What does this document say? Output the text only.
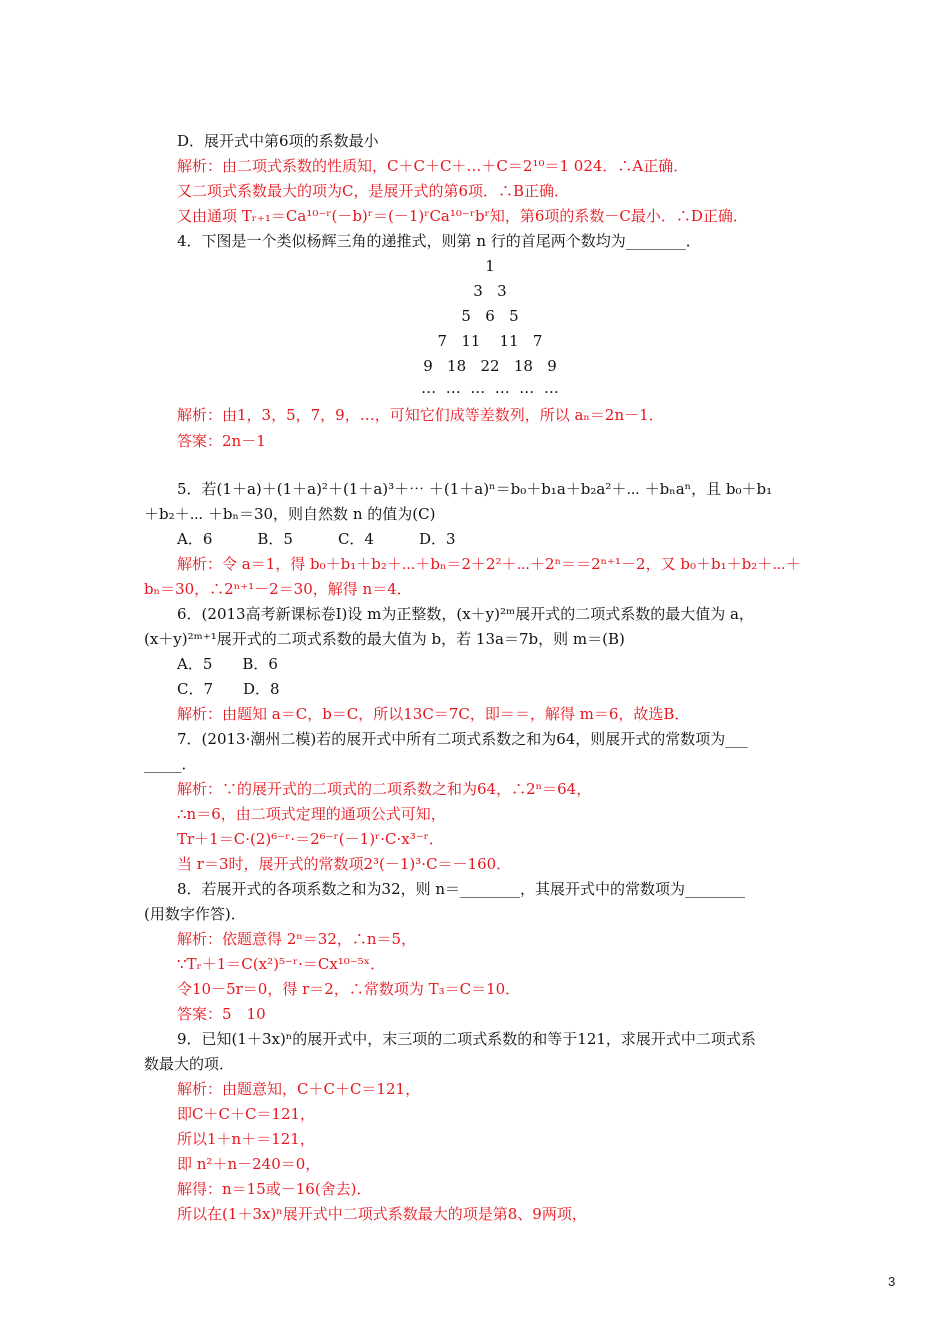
D．展开式中第6项的系数最小
解析：由二项式系数的性质知，C＋C＋C＋…＋C＝2¹⁰＝1 024．∴A正确．
又二项式系数最大的项为C，是展开式的第6项．∴B正确．
又由通项 Tᵣ₊₁＝Ca¹⁰⁻ʳ(－b)ʳ＝(－1)ʳCa¹⁰⁻ʳbʳ知，第6项的系数－C最小．∴D正确．
4．下图是一个类似杨辉三角的递推式，则第 n 行的首尾两个数均为________．
1
3   3
5   6   5
7   11    11   7
9   18   22   18   9
…  …  …  …  …  …
解析：由1，3，5，7，9，…，可知它们成等差数列，所以 aₙ＝2n－1．
答案：2n－1
5．若(1＋a)＋(1＋a)²＋(1＋a)³＋⋯ ＋(1＋a)ⁿ＝b₀＋b₁a＋b₂a²＋⋯ ＋bₙaⁿ，且 b₀＋b₁
＋b₂＋⋯ ＋bₙ＝30，则自然数 n 的值为(C)
A．6　　　B．5　　　C．4　　　D．3
解析：令 a＝1，得 b₀＋b₁＋b₂＋⋯＋bₙ＝2＋2²＋⋯＋2ⁿ＝＝2ⁿ⁺¹－2，又 b₀＋b₁＋b₂＋⋯＋
bₙ＝30，∴2ⁿ⁺¹－2＝30，解得 n＝4．
6．(2013高考新课标卷Ⅰ)设 m为正整数，(x＋y)²ᵐ展开式的二项式系数的最大值为 a，
(x＋y)²ᵐ⁺¹展开式的二项式系数的最大值为 b，若 13a＝7b，则 m＝(B)
A．5　　B．6
C．7　　D．8
解析：由题知 a＝C，b＝C，所以13C＝7C，即＝＝，解得 m＝6，故选B．
7．(2013·潮州二模)若的展开式中所有二项式系数之和为64，则展开式的常数项为___
_____．
解析：∵的展开式的二项式的二项系数之和为64，∴2ⁿ＝64，
∴n＝6，由二项式定理的通项公式可知，
Tr＋1＝C·(2)⁶⁻ʳ·＝2⁶⁻ʳ(－1)ʳ·C·x³⁻ʳ．
当 r＝3时，展开式的常数项2³(－1)³·C＝－160．
8．若展开式的各项系数之和为32，则 n＝________，其展开式中的常数项为________
(用数字作答)．
解析：依题意得 2ⁿ＝32，∴n＝5，
∵Tᵣ＋1＝C(x²)⁵⁻ʳ·＝Cx¹⁰⁻⁵ˣ．
令10－5r＝0，得 r＝2，∴常数项为 T₃＝C＝10．
答案：5　10
9．已知(1＋3x)ⁿ的展开式中，末三项的二项式系数的和等于121，求展开式中二项式系
数最大的项．
解析：由题意知，C＋C＋C＝121，
即C＋C＋C＝121，
所以1＋n＋＝121，
即 n²＋n－240＝0，
解得：n＝15或－16(舍去)．
所以在(1＋3x)ⁿ展开式中二项式系数最大的项是第8、9两项，
3
